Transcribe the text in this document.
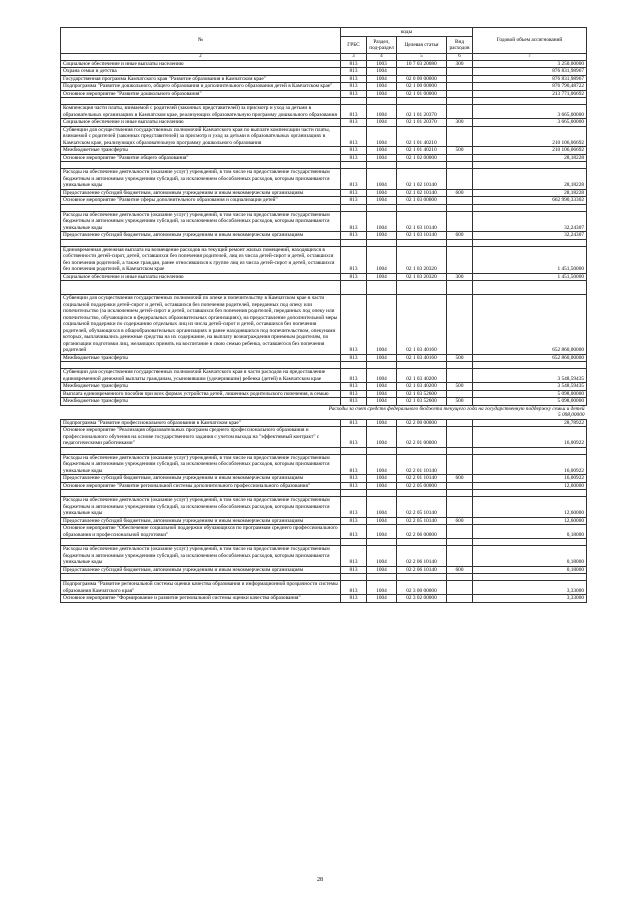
№	коды				Годовой объем ассигнований
	ГРБС	Раздел, под-раздел	Целевая статья	Вид расходов	
2	3	4	5	6	7
Социальное обеспечение и иные выплаты населению	813	1003	10 7 03 20080	300	3 250,00000
Охрана семьи и детства	813	1004			876 831,98967
Государственная программа Камчатского края "Развитие образования в Камчатском крае"	813	1004	02 0 00 00000		876 831,98967
Подпрограмма "Развитие дошкольного, общего образования и дополнительного образования детей в Камчатском крае"	813	1004	02 1 00 00000		876 790,48722
Основное мероприятие "Развитие дошкольного образования"	813	1004	02 1 01 00000		213 771,06692

Компенсация части платы, взимаемой с родителей (законных представителей) за присмотр и уход за детьми в образовательных организациях в Камчатском крае, реализующих образовательную программу дошкольного образования	813	1004	02 1 01 20370		3 665,00000
Социальное обеспечение и иные выплаты населению	813	1004	02 1 01 20370	300	3 665,00000
Субвенции для осуществления государственных полномочий Камчатского края по выплате компенсации части платы, взимаемой с родителей (законных представителей) за присмотр и уход за детьми в образовательных организациях в Камчатском крае, реализующих образовательную программу дошкольного образования	813	1004	02 1 01 40210		210 106,06692
Межбюджетные трансферты	813	1004	02 1 01 40210	500	210 106,06692
Основное мероприятие "Развитие общего образования"	813	1004	02 1 02 00000		28,18228

Расходы на обеспечение деятельности (оказание услуг) учреждений, в том числе на предоставление государственным бюджетным и автономным учреждениям субсидий, за исключением обособленных расходов, которым присваиваются уникальные коды	813	1004	02 1 02 10140		28,18228
Предоставление субсидий бюджетным, автономным учреждениям и иным некоммерческим организациям	813	1004	02 1 02 10140	600	28,18228
Основное мероприятие "Развитие сферы дополнительного образования и социализации детей"	813	1004	02 1 03 00000		662 990,33302

Расходы на обеспечение деятельности (оказание услуг) учреждений, в том числе на предоставление государственным бюджетным и автономным учреждениям субсидий, за исключением обособленных расходов, которым присваиваются уникальные коды	813	1004	02 1 03 10140		32,24307
Предоставление субсидий бюджетным, автономным учреждениям и иным некоммерческим организациям	813	1004	02 1 03 10140	600	32,24307

Единовременная денежная выплата на возмещение расходов на текущий ремонт жилых помещений, находящихся в собственности детей-сирот, детей, оставшихся без попечения родителей, лиц из числа детей-сирот и детей, оставшихся без попечения родителей, а также граждан, ранее относившихся к группе лиц из числа детей-сирот и детей, оставшихся без попечения родителей, в Камчатском крае	813	1004	02 1 03 20320		1 451,50000
Социальное обеспечение и иные выплаты населению	813	1004	02 1 03 20320	300	1 451,50000

Субвенции для осуществления государственных полномочий по опеке и попечительству в Камчатском крае в части социальной поддержки детей-сирот и детей, оставшихся без попечения родителей, переданных под опеку или попечительство (за исключением детей-сирот и детей, оставшихся без попечения родителей, переданных под опеку или попечительство, обучающихся в федеральных образовательных организациях), на предоставление дополнительной меры социальной поддержки по содержанию отдельных лиц из числа детей-сирот и детей, оставшихся без попечения родителей, обучающихся в общеобразовательных организациях и ранее находившихся под попечительством, опекунами которых, выплачивались денежные средства на их содержание, на выплату вознаграждения приемным родителям, по организации подготовки лиц, желающих принять на воспитание в свою семью ребенка, оставшегося без попечения родителей	813	1004	02 1 03 40160		652 860,00000
Межбюджетные трансферты	813	1004	02 1 03 40160	500	652 860,00000

Субвенции для осуществления государственных полномочий Камчатского края в части расходов на предоставление единовременной денежной выплаты гражданам, усыновившим (удочерившим) ребенка (детей) в Камчатском крае	813	1004	02 1 03 40200		3 548,59435
Межбюджетные трансферты	813	1004	02 1 03 40200	500	3 548,59435
Выплата единовременного пособия при всех формах устройства детей, лишенных родительского попечения, в семью	813	1004	02 1 03 52600		5 098,00000
Межбюджетные трансферты	813	1004	02 1 03 52600	500	5 098,00000
Расходы за счет средств федерального бюджета текущего года на государственную поддержку семьи и детей					
5 098,00000					
Подпрограмма "Развитие профессионального образования в Камчатском крае"	813	1004	02 2 00 00000		28,78922
Основное мероприятие "Реализация образовательных программ среднего профессионального образования и профессионального обучения на основе государственного задания с учетом выхода на "эффективный контракт" с педагогическими работниками"	813	1004	02 2 01 00000		16,00922

Расходы на обеспечение деятельности (оказание услуг) учреждений, в том числе на предоставление государственным бюджетным и автономным учреждениям субсидий, за исключением обособленных расходов, которым присваиваются уникальные коды	813	1004	02 2 01 10140		16,00922
Предоставление субсидий бюджетным, автономным учреждениям и иным некоммерческим организациям	813	1004	02 2 01 10140	600	16,00922
Основное мероприятие "Развитие региональной системы дополнительного профессионального образования"	813	1004	02 2 05 00000		12,60000

Расходы на обеспечение деятельности (оказание услуг) учреждений, в том числе на предоставление государственным бюджетным и автономным учреждениям субсидий, за исключением обособленных расходов, которым присваиваются уникальные коды	813	1004	02 2 05 10140		12,60000
Предоставление субсидий бюджетным, автономным учреждениям и иным некоммерческим организациям	813	1004	02 2 05 10140	600	12,60000
Основное мероприятие "Обеспечение социальной поддержки обучающихся по программам среднего профессионального образования и профессиональной подготовки"	813	1004	02 2 06 00000		0,18000

Расходы на обеспечение деятельности (оказание услуг) учреждений, в том числе на предоставление государственным бюджетным и автономным учреждениям субсидий, за исключением обособленных расходов, которым присваиваются уникальные коды	813	1004	02 2 06 10140		0,18000
Предоставление субсидий бюджетным, автономным учреждениям и иным некоммерческим организациям	813	1004	02 2 06 10140	600	0,18000

Подпрограмма "Развитие региональной системы оценки качества образования и информационной прозрачности системы образования Камчатского края"	813	1004	02 3 00 00000		3,33000
Основное мероприятие "Формирование и развитие региональной системы оценки качества образования"	813	1004	02 3 02 00000		3,33000
28
